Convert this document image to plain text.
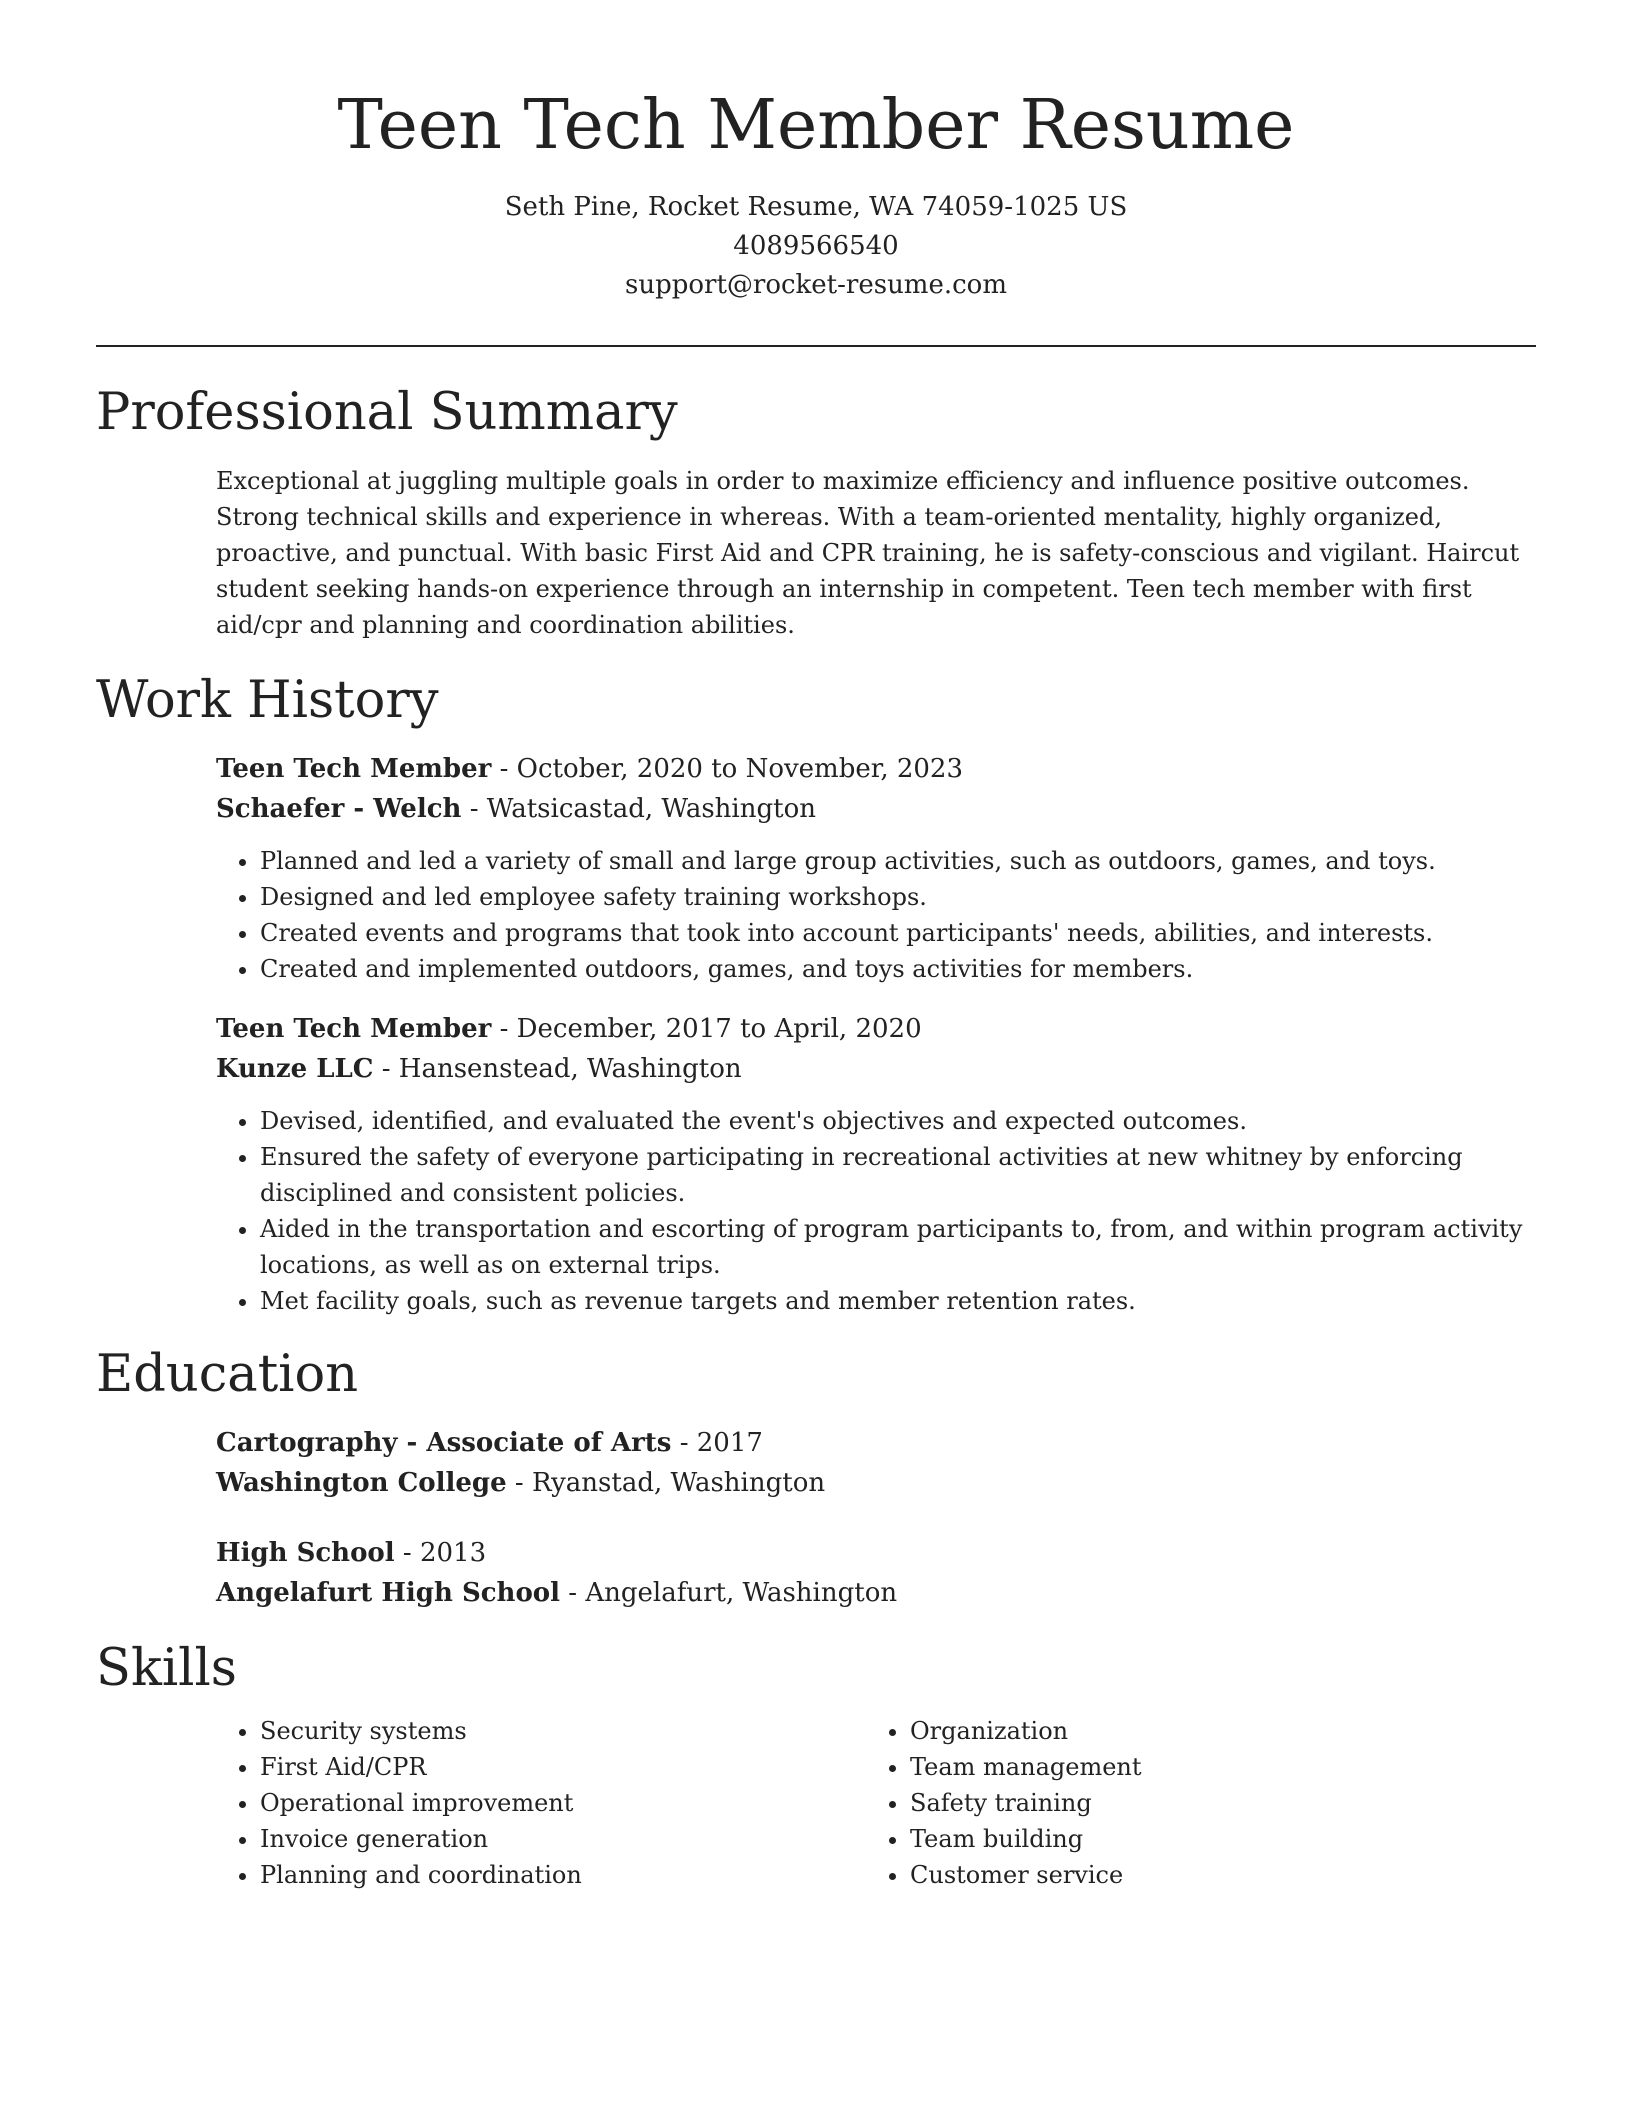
Teen Tech Member Resume
Seth Pine, Rocket Resume, WA 74059-1025 US
4089566540
support@rocket-resume.com
Professional Summary
Exceptional at juggling multiple goals in order to maximize efficiency and influence positive outcomes. Strong technical skills and experience in whereas. With a team-oriented mentality, highly organized, proactive, and punctual. With basic First Aid and CPR training, he is safety-conscious and vigilant. Haircut student seeking hands-on experience through an internship in competent. Teen tech member with first aid/cpr and planning and coordination abilities.
Work History
Teen Tech Member - October, 2020 to November, 2023
Schaefer - Welch - Watsicastad, Washington
• Planned and led a variety of small and large group activities, such as outdoors, games, and toys.
• Designed and led employee safety training workshops.
• Created events and programs that took into account participants' needs, abilities, and interests.
• Created and implemented outdoors, games, and toys activities for members.
Teen Tech Member - December, 2017 to April, 2020
Kunze LLC - Hansenstead, Washington
• Devised, identified, and evaluated the event's objectives and expected outcomes.
• Ensured the safety of everyone participating in recreational activities at new whitney by enforcing disciplined and consistent policies.
• Aided in the transportation and escorting of program participants to, from, and within program activity locations, as well as on external trips.
• Met facility goals, such as revenue targets and member retention rates.
Education
Cartography - Associate of Arts - 2017
Washington College - Ryanstad, Washington
High School - 2013
Angelafurt High School - Angelafurt, Washington
Skills
• Security systems
• First Aid/CPR
• Operational improvement
• Invoice generation
• Planning and coordination
• Organization
• Team management
• Safety training
• Team building
• Customer service
